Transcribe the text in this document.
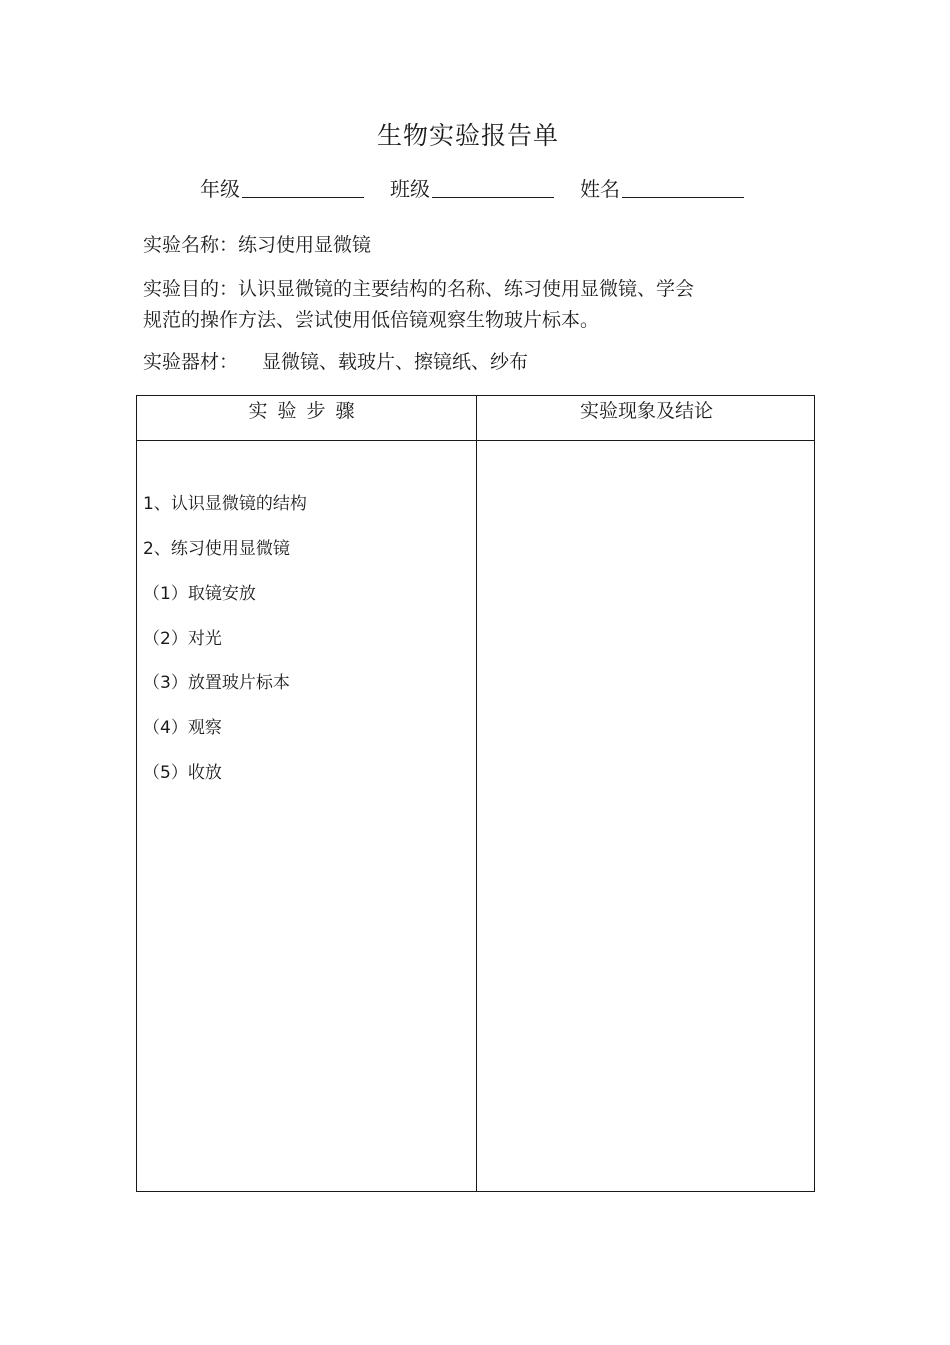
生物实验报告单
年级	班级	姓名
实验名称：练习使用显微镜
实验目的：认识显微镜的主要结构的名称、练习使用显微镜、学会
规范的操作方法、尝试使用低倍镜观察生物玻片标本。
实验器材： 显微镜、载玻片、擦镜纸、纱布
实验步骤	实验现象及结论
1、认识显微镜的结构
2、练习使用显微镜
（1）取镜安放
（2）对光
（3）放置玻片标本
（4）观察
（5）收放
